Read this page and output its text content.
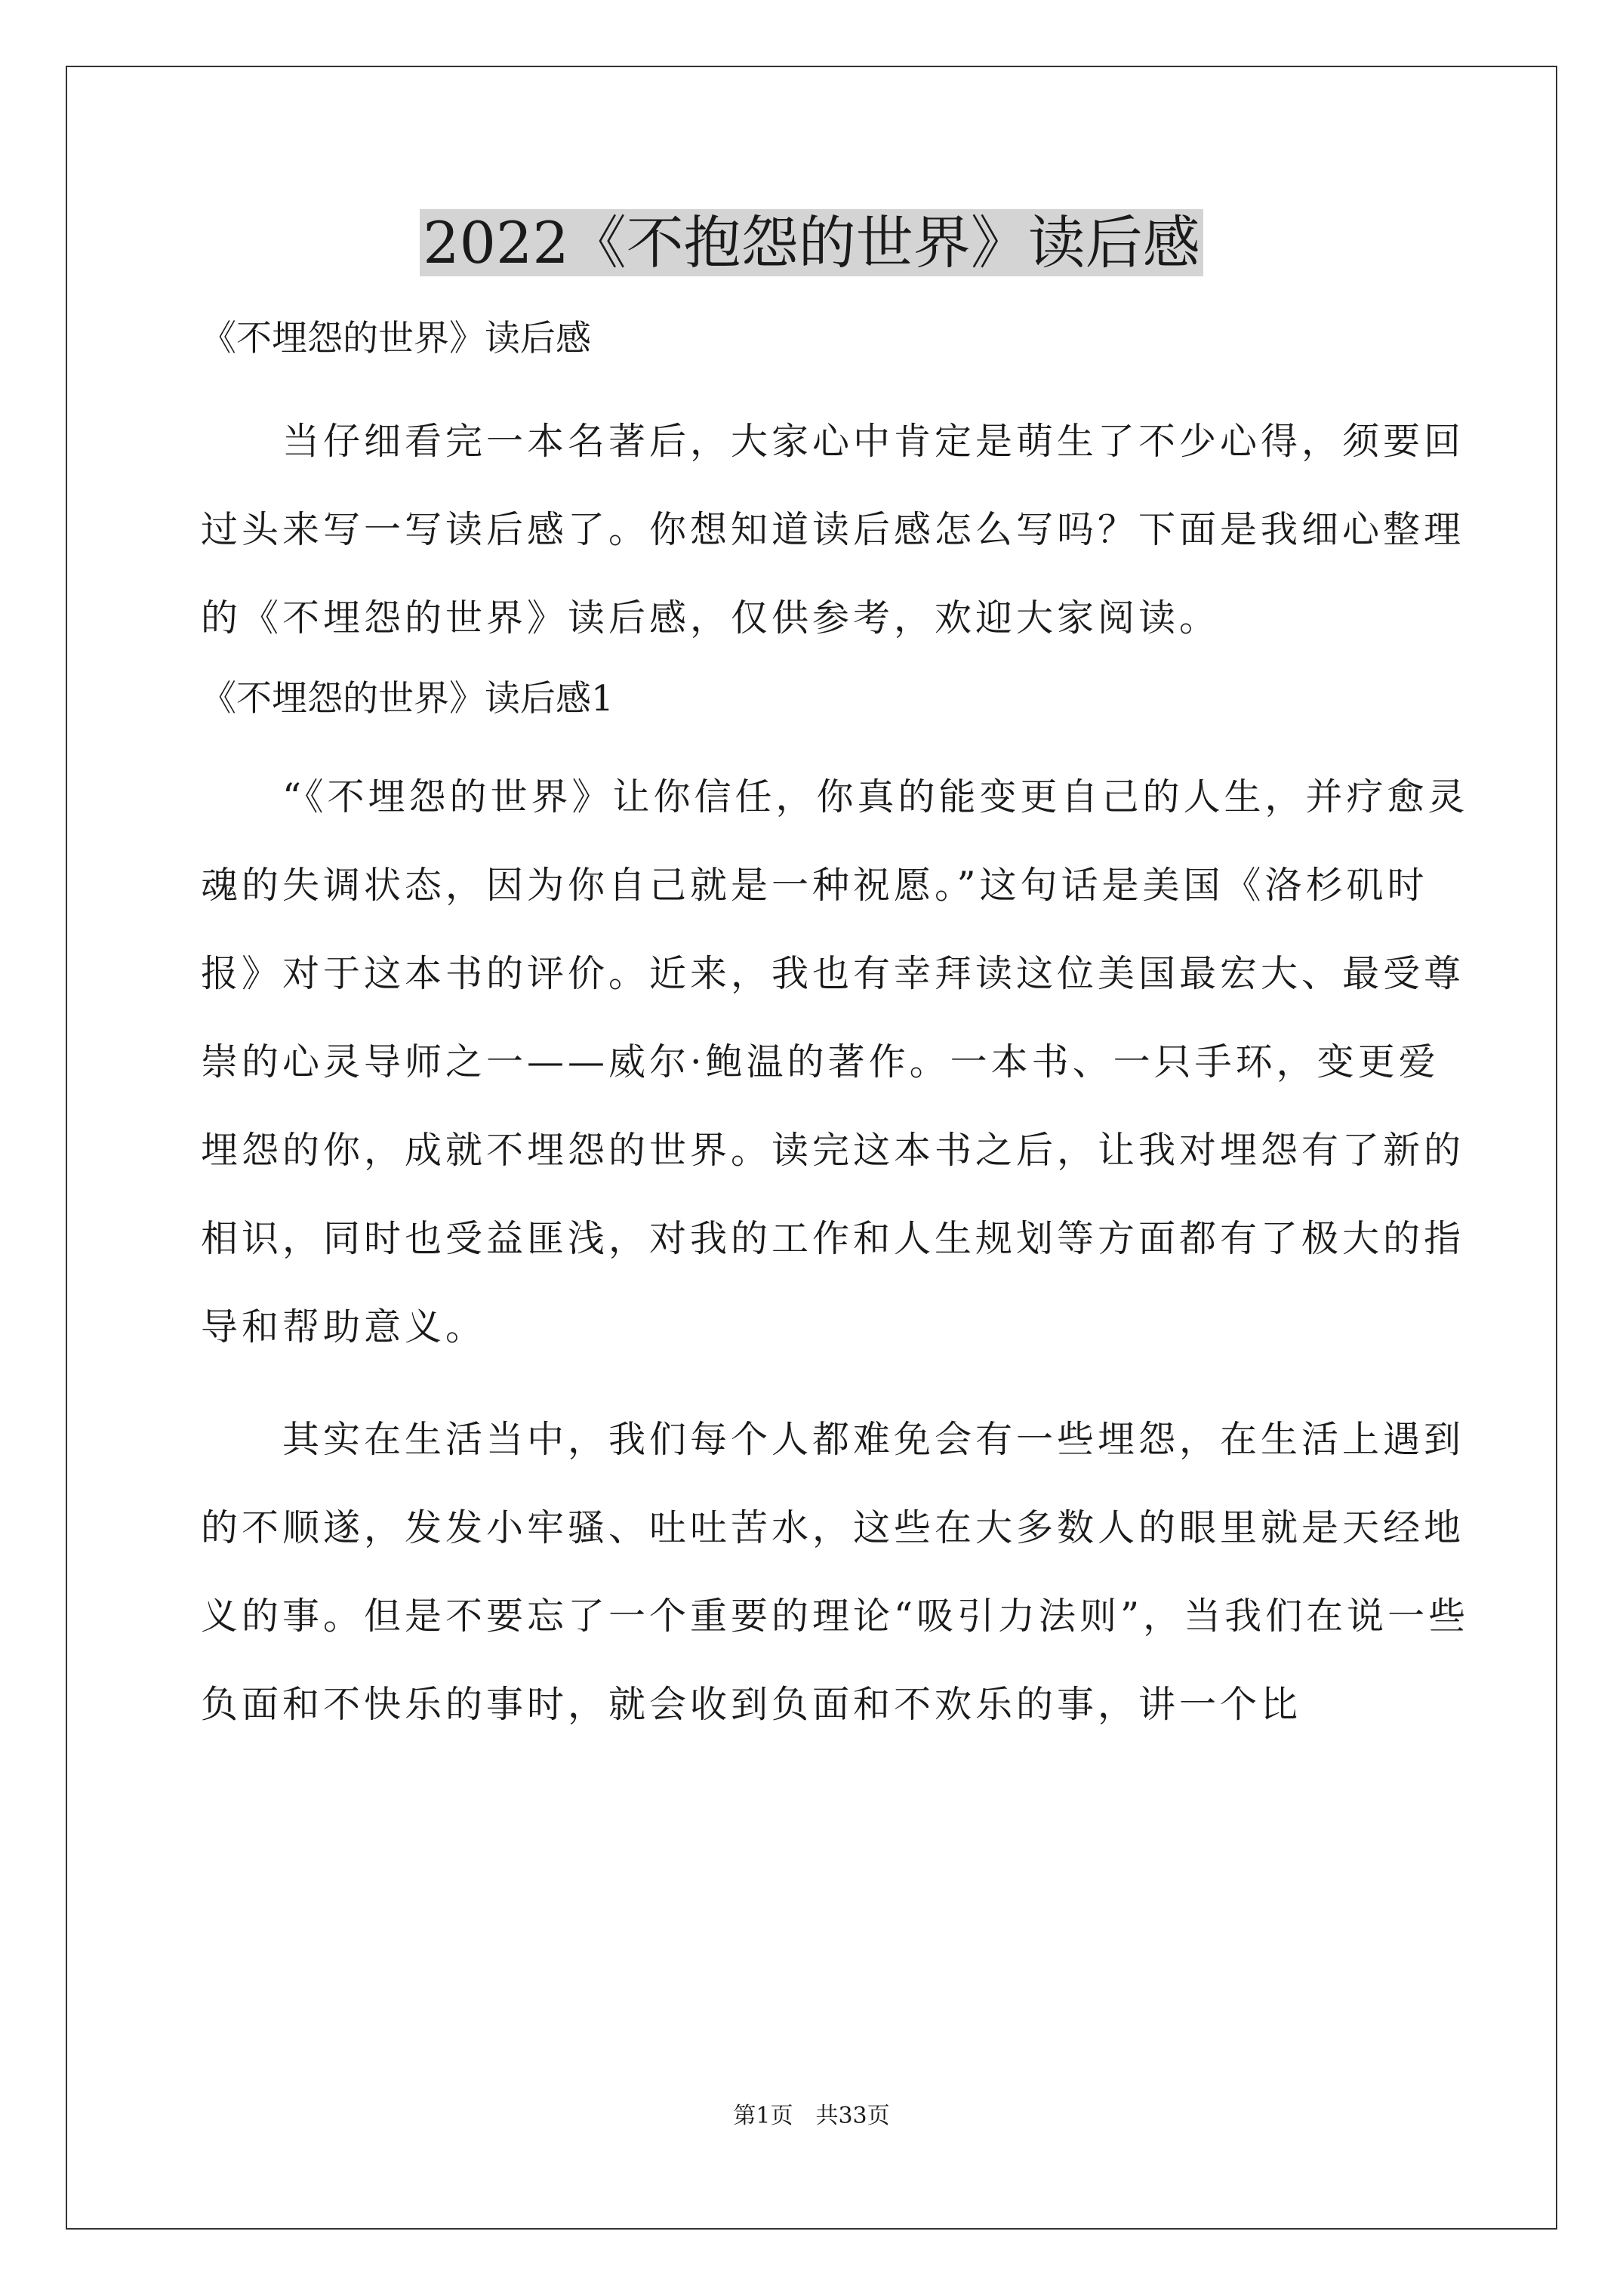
2022《不抱怨的世界》读后感

《不埋怨的世界》读后感

当仔细看完一本名著后，大家心中肯定是萌生了不少心得，须要回过头来写一写读后感了。你想知道读后感怎么写吗？下面是我细心整理的《不埋怨的世界》读后感，仅供参考，欢迎大家阅读。

《不埋怨的世界》读后感1

“《不埋怨的世界》让你信任，你真的能变更自己的人生，并疗愈灵魂的失调状态，因为你自己就是一种祝愿。”这句话是美国《洛杉矶时报》对于这本书的评价。近来，我也有幸拜读这位美国最宏大、最受尊崇的心灵导师之一——威尔·鲍温的著作。一本书、一只手环，变更爱埋怨的你，成就不埋怨的世界。读完这本书之后，让我对埋怨有了新的相识，同时也受益匪浅，对我的工作和人生规划等方面都有了极大的指导和帮助意义。

其实在生活当中，我们每个人都难免会有一些埋怨，在生活上遇到的不顺遂，发发小牢骚、吐吐苦水，这些在大多数人的眼里就是天经地义的事。但是不要忘了一个重要的理论“吸引力法则”，当我们在说一些负面和不快乐的事时，就会收到负面和不欢乐的事，讲一个比

第1页　共33页
